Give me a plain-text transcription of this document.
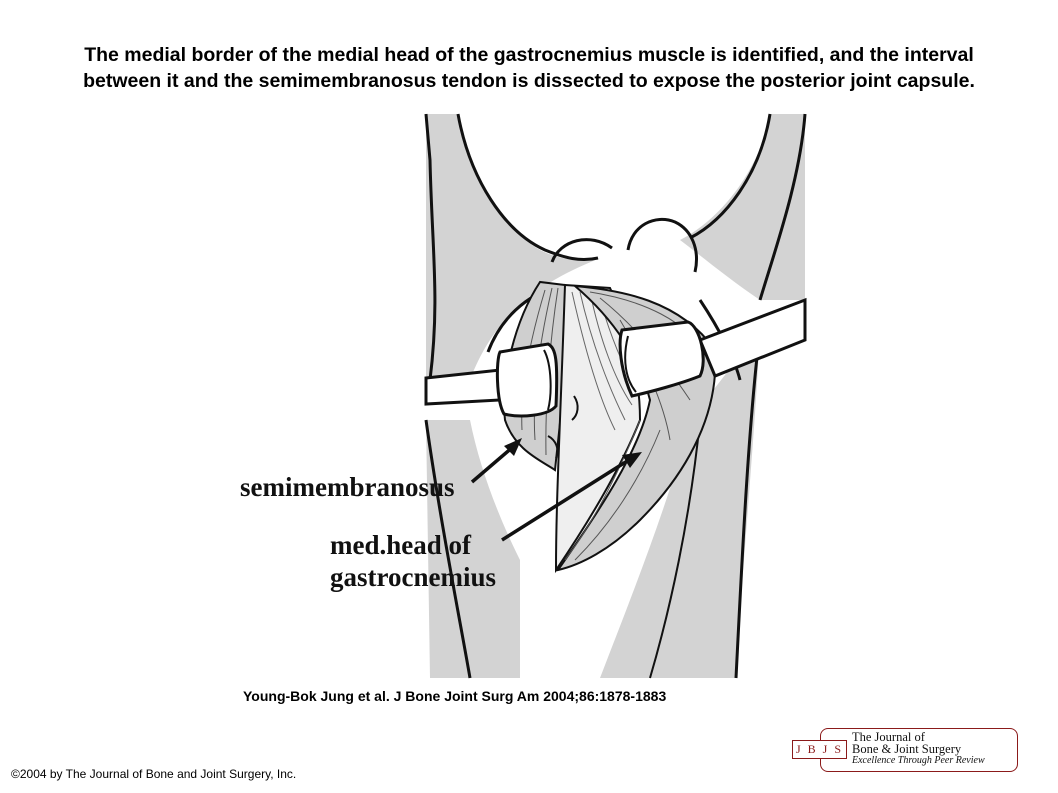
The medial border of the medial head of the gastrocnemius muscle is identified, and the interval
between it and the semimembranosus tendon is dissected to expose the posterior joint capsule.
semimembranosus
med.head of
gastrocnemius
Young-Bok Jung et al. J Bone Joint Surg Am 2004;86:1878-1883
©2004 by The Journal of Bone and Joint Surgery, Inc.
J B J S
The Journal of
Bone & Joint Surgery
Excellence Through Peer Review
